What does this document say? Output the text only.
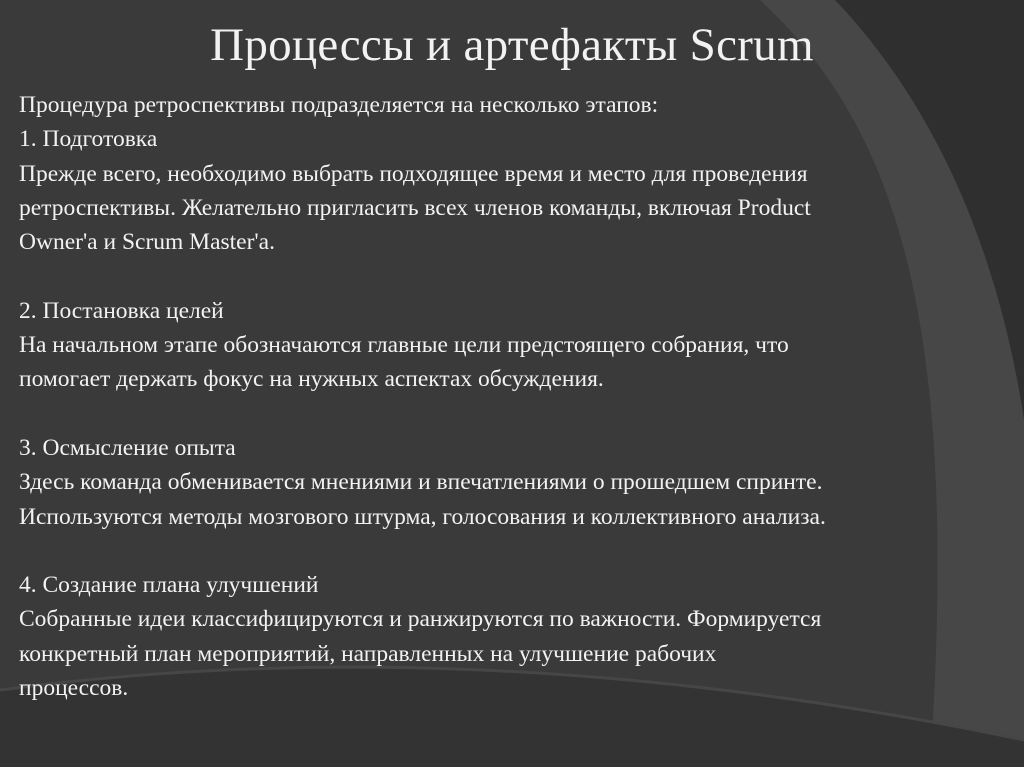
Процессы и артефакты Scrum

Процедура ретроспективы подразделяется на несколько этапов:

1. Подготовка

Прежде всего, необходимо выбрать подходящее время и место для проведения
ретроспективы. Желательно пригласить всех членов команды, включая Product
Owner'a и Scrum Master'a.

2. Постановка целей

На начальном этапе обозначаются главные цели предстоящего собрания, что
помогает держать фокус на нужных аспектах обсуждения.

3. Осмысление опыта

Здесь команда обменивается мнениями и впечатлениями о прошедшем спринте.
Используются методы мозгового штурма, голосования и коллективного анализа.

4. Создание плана улучшений

Собранные идеи классифицируются и ранжируются по важности. Формируется
конкретный план мероприятий, направленных на улучшение рабочих
процессов.
